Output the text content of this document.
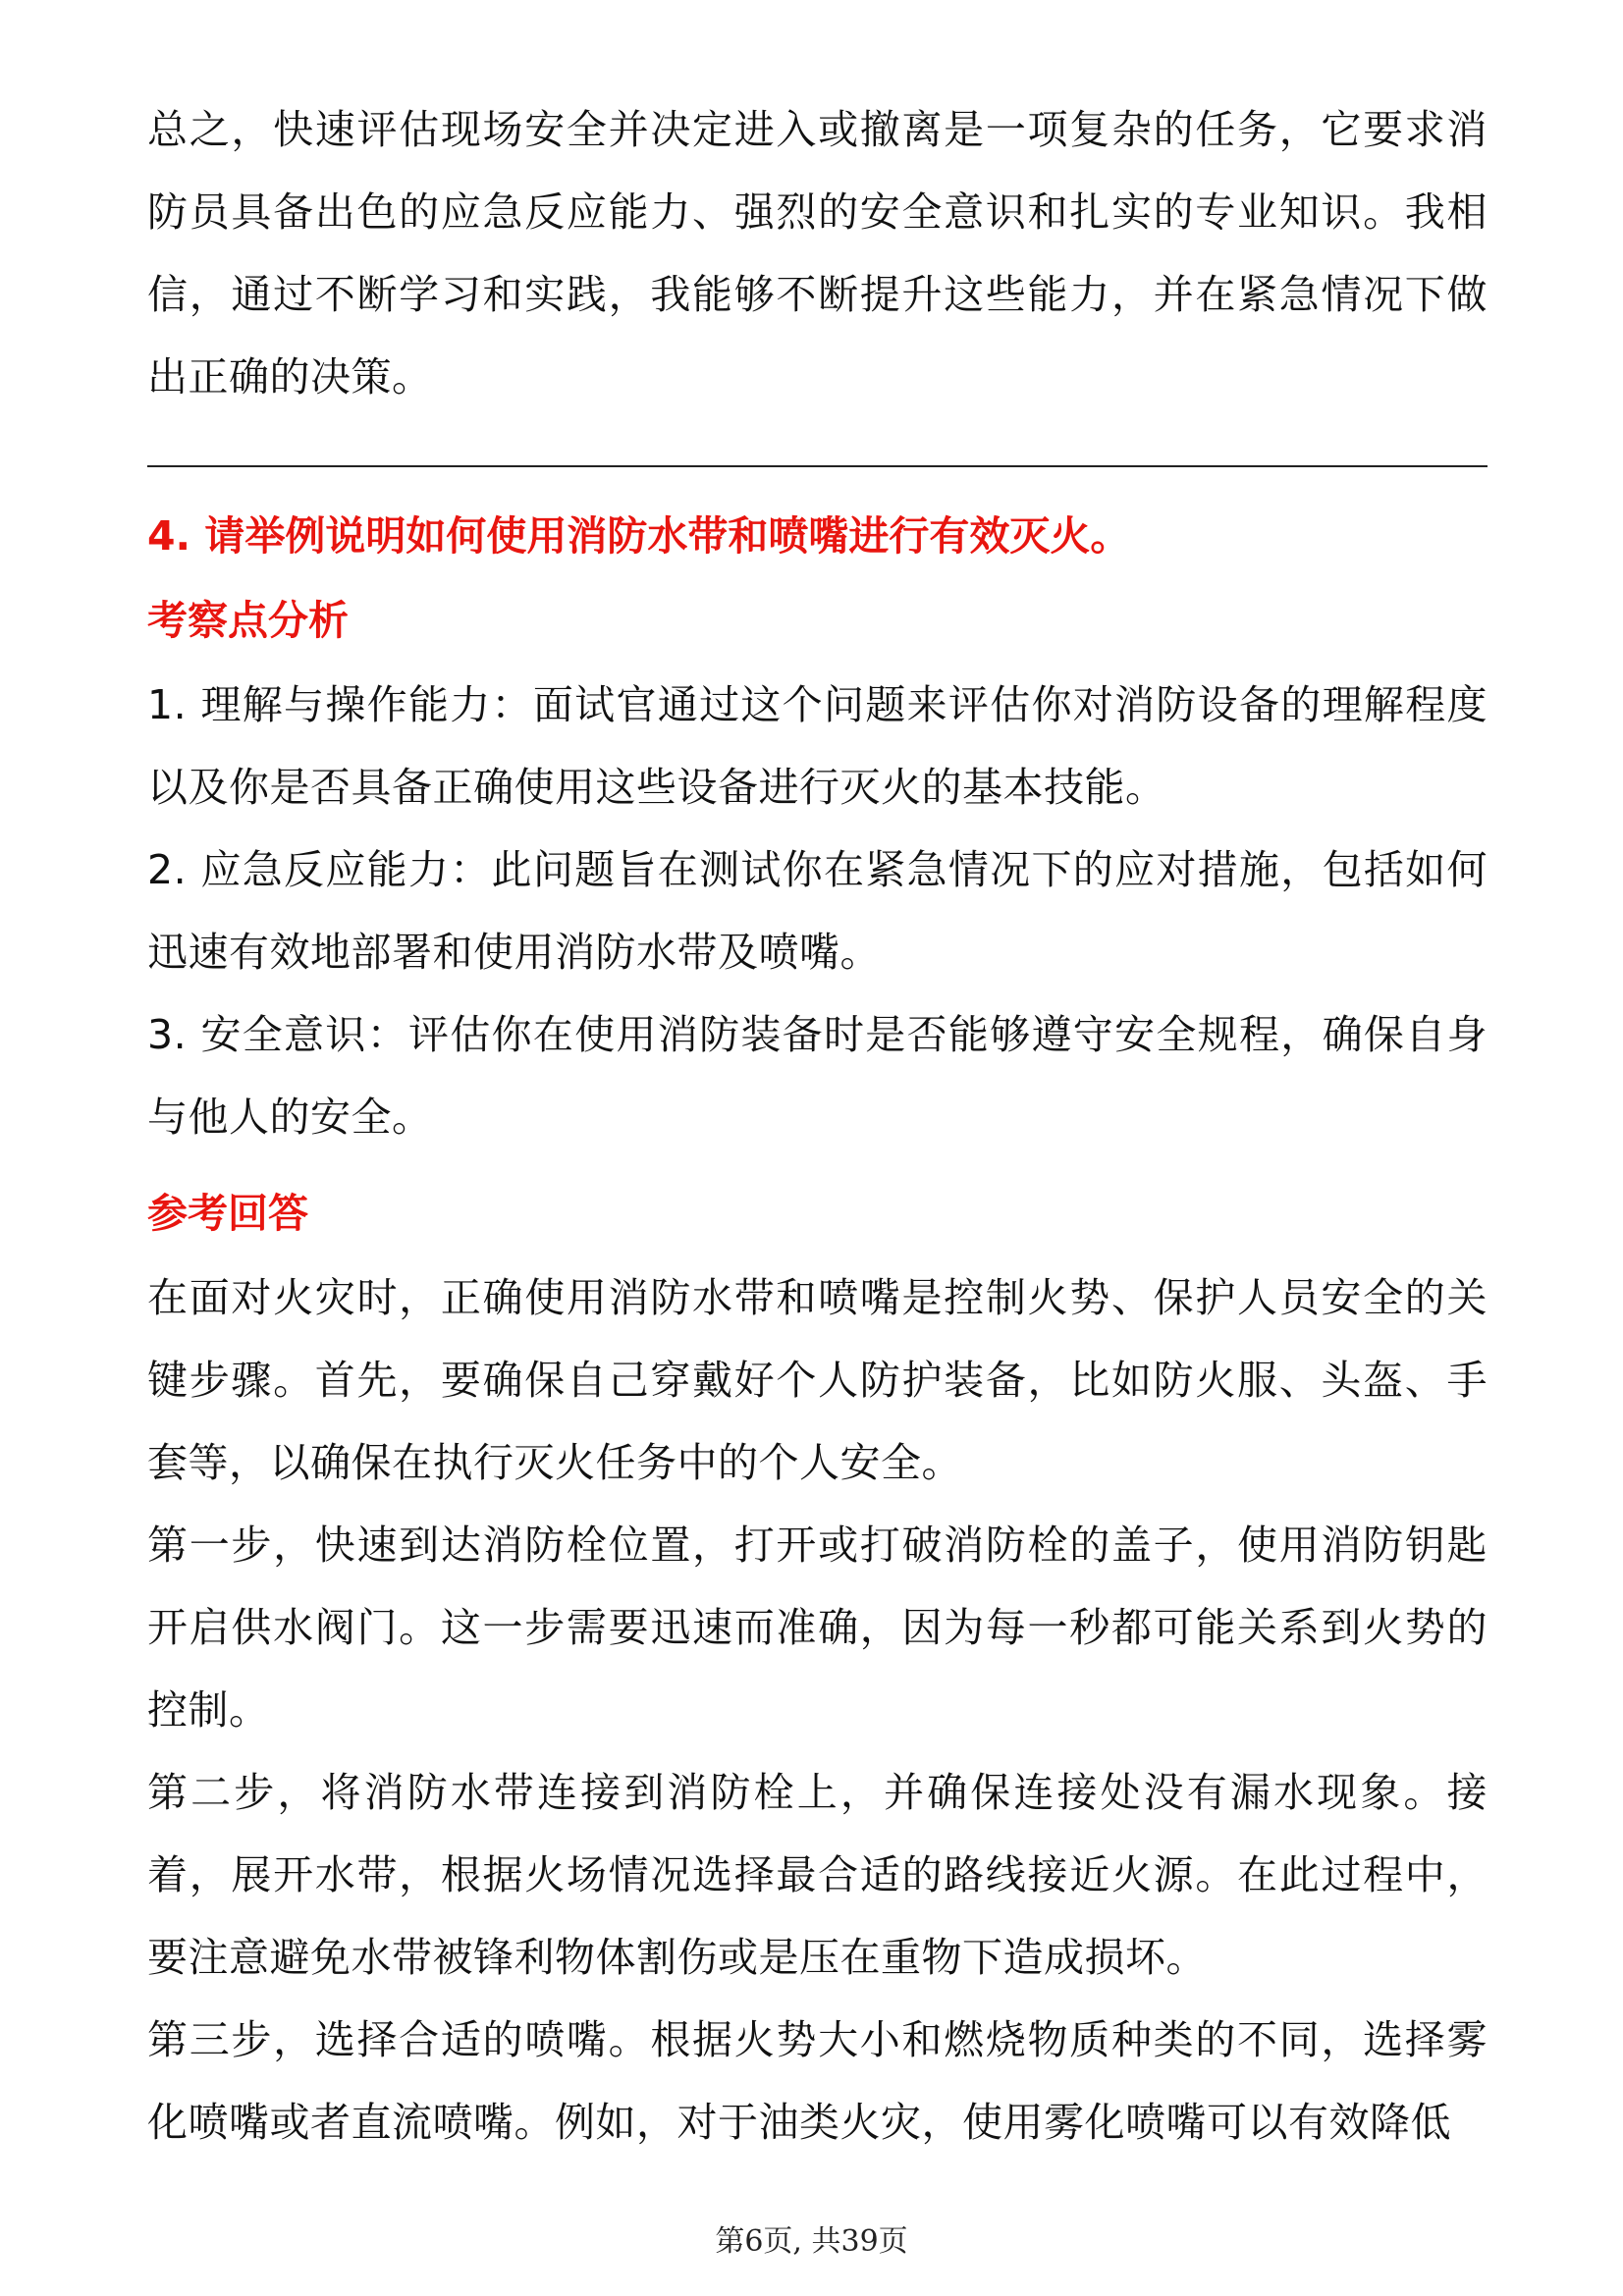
总之，快速评估现场安全并决定进入或撤离是一项复杂的任务，它要求消防员具备出色的应急反应能力、强烈的安全意识和扎实的专业知识。我相信，通过不断学习和实践，我能够不断提升这些能力，并在紧急情况下做出正确的决策。

4. 请举例说明如何使用消防水带和喷嘴进行有效灭火。
考察点分析

1. 理解与操作能力：面试官通过这个问题来评估你对消防设备的理解程度以及你是否具备正确使用这些设备进行灭火的基本技能。

2. 应急反应能力：此问题旨在测试你在紧急情况下的应对措施，包括如何迅速有效地部署和使用消防水带及喷嘴。

3. 安全意识：评估你在使用消防装备时是否能够遵守安全规程，确保自身与他人的安全。

参考回答

在面对火灾时，正确使用消防水带和喷嘴是控制火势、保护人员安全的关键步骤。首先，要确保自己穿戴好个人防护装备，比如防火服、头盔、手套等，以确保在执行灭火任务中的个人安全。

第一步，快速到达消防栓位置，打开或打破消防栓的盖子，使用消防钥匙开启供水阀门。这一步需要迅速而准确，因为每一秒都可能关系到火势的控制。

第二步，将消防水带连接到消防栓上，并确保连接处没有漏水现象。接着，展开水带，根据火场情况选择最合适的路线接近火源。在此过程中，要注意避免水带被锋利物体割伤或是压在重物下造成损坏。

第三步，选择合适的喷嘴。根据火势大小和燃烧物质种类的不同，选择雾化喷嘴或者直流喷嘴。例如，对于油类火灾，使用雾化喷嘴可以有效降低

第6页, 共39页
